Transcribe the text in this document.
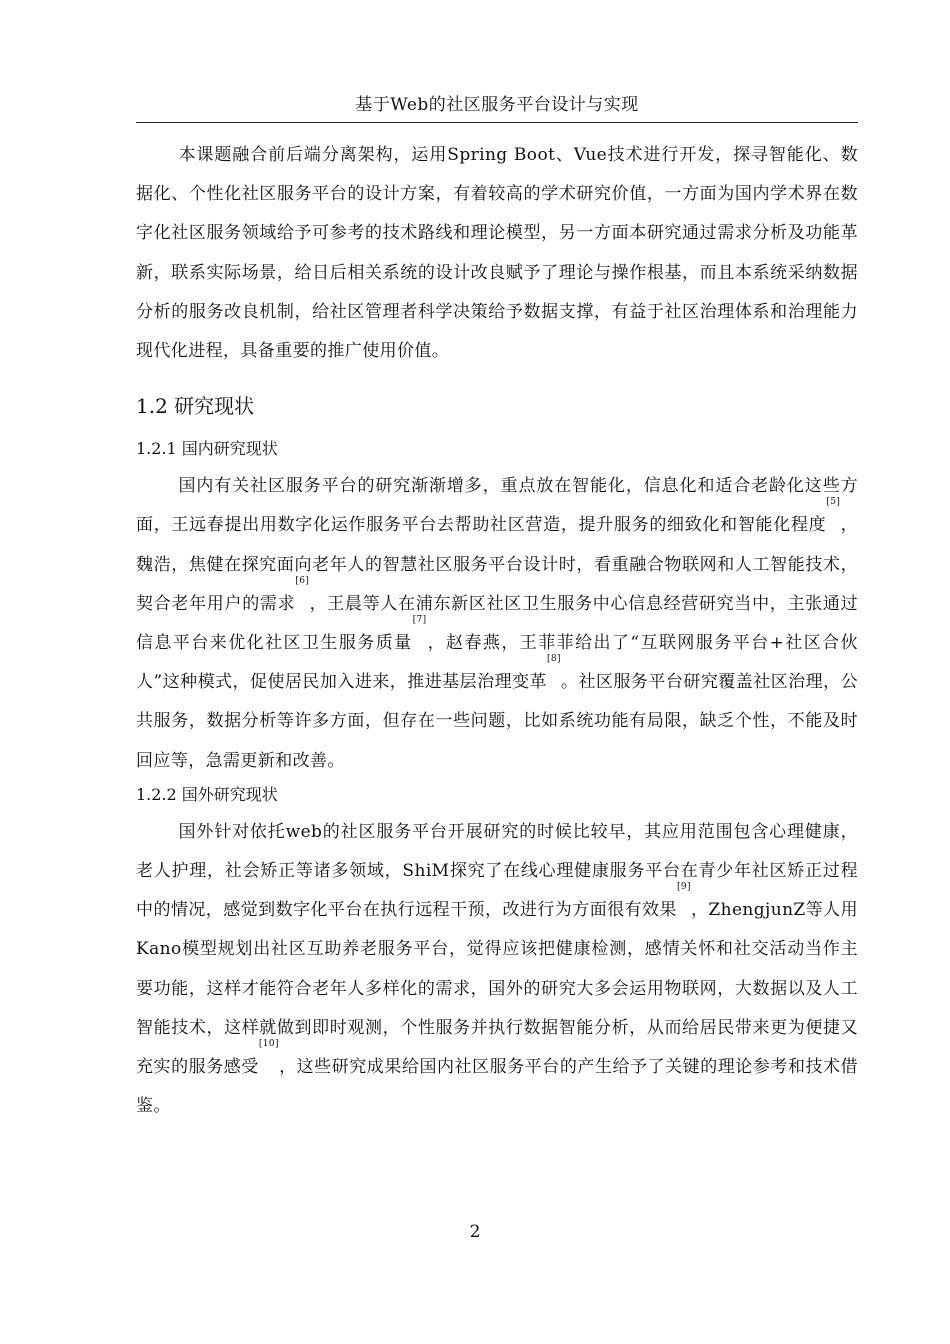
基于Web的社区服务平台设计与实现

本课题融合前后端分离架构，运用Spring Boot、Vue技术进行开发，探寻智能化、数据化、个性化社区服务平台的设计方案，有着较高的学术研究价值，一方面为国内学术界在数字化社区服务领域给予可参考的技术路线和理论模型，另一方面本研究通过需求分析及功能革新，联系实际场景，给日后相关系统的设计改良赋予了理论与操作根基，而且本系统采纳数据分析的服务改良机制，给社区管理者科学决策给予数据支撑，有益于社区治理体系和治理能力现代化进程，具备重要的推广使用价值。

1.2 研究现状
1.2.1 国内研究现状

国内有关社区服务平台的研究渐渐增多，重点放在智能化，信息化和适合老龄化这些方面，王远春提出用数字化运作服务平台去帮助社区营造，提升服务的细致化和智能化程度[5]，魏浩，焦健在探究面向老年人的智慧社区服务平台设计时，看重融合物联网和人工智能技术，契合老年用户的需求[6]，王晨等人在浦东新区社区卫生服务中心信息经营研究当中，主张通过信息平台来优化社区卫生服务质量[7]，赵春燕，王菲菲给出了“互联网服务平台+社区合伙人”这种模式，促使居民加入进来，推进基层治理变革[8]。社区服务平台研究覆盖社区治理，公共服务，数据分析等许多方面，但存在一些问题，比如系统功能有局限，缺乏个性，不能及时回应等，急需更新和改善。

1.2.2 国外研究现状

国外针对依托web的社区服务平台开展研究的时候比较早，其应用范围包含心理健康，老人护理，社会矫正等诸多领域，ShiM探究了在线心理健康服务平台在青少年社区矫正过程中的情况，感觉到数字化平台在执行远程干预，改进行为方面很有效果[9]，ZhengjunZ等人用Kano模型规划出社区互助养老服务平台，觉得应该把健康检测，感情关怀和社交活动当作主要功能，这样才能符合老年人多样化的需求，国外的研究大多会运用物联网，大数据以及人工智能技术，这样就做到即时观测，个性服务并执行数据智能分析，从而给居民带来更为便捷又充实的服务感受[10]，这些研究成果给国内社区服务平台的产生给予了关键的理论参考和技术借鉴。

2
